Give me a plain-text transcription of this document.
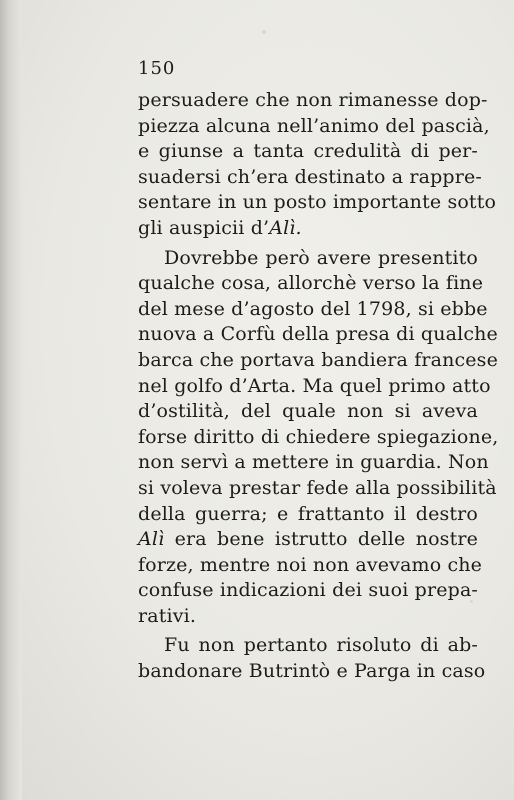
150
persuadere che non rimanesse dop-
piezza alcuna nell’animo del pascià,
e giunse a tanta credulità di per-
suadersi ch’era destinato a rappre-
sentare in un posto importante sotto
gli auspicii d’Alì.
Dovrebbe però avere presentito
qualche cosa, allorchè verso la fine
del mese d’agosto del 1798, si ebbe
nuova a Corfù della presa di qualche
barca che portava bandiera francese
nel golfo d’Arta. Ma quel primo atto
d’ostilità, del quale non si aveva
forse diritto di chiedere spiegazione,
non servì a mettere in guardia. Non
si voleva prestar fede alla possibilità
della guerra; e frattanto il destro
Alì era bene istrutto delle nostre
forze, mentre noi non avevamo che
confuse indicazioni dei suoi prepa-
rativi.
Fu non pertanto risoluto di ab-
bandonare Butrintò e Parga in caso
